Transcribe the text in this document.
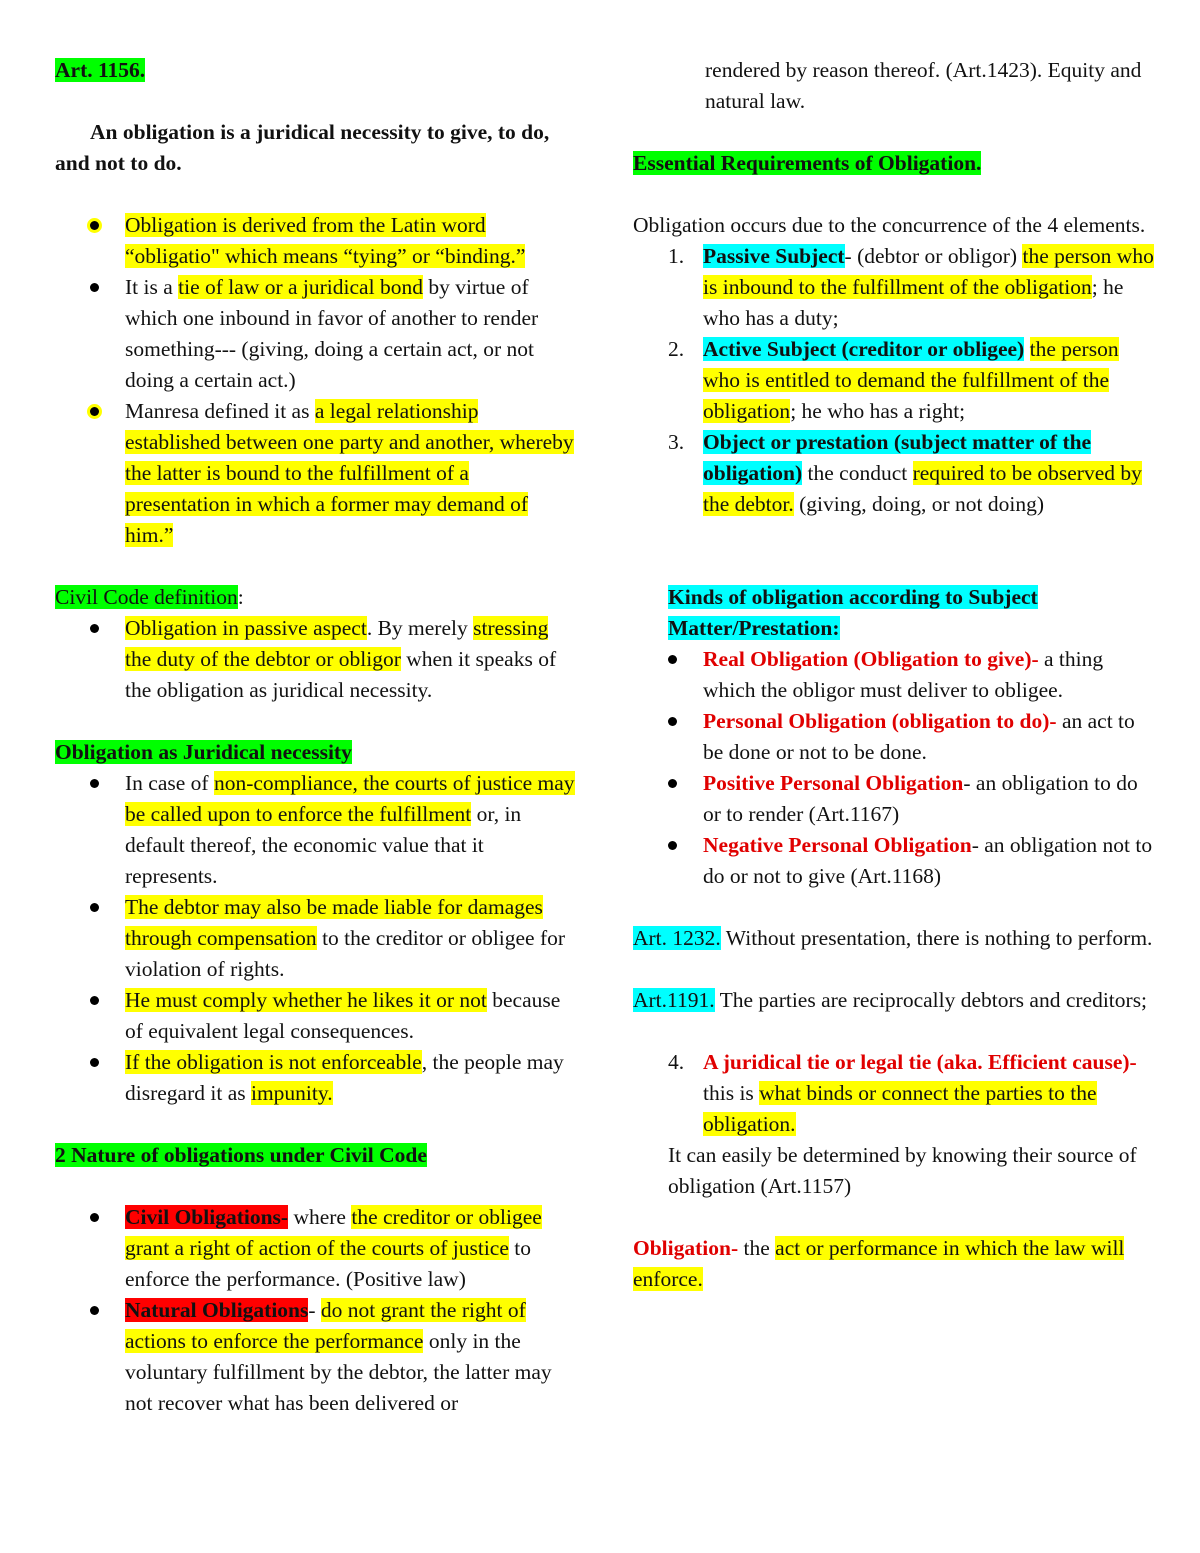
Art. 1156.

An obligation is a juridical necessity to give, to do, and not to do.

Obligation is derived from the Latin word “obligatio" which means “tying” or “binding.”
It is a tie of law or a juridical bond by virtue of which one inbound in favor of another to render something--- (giving, doing a certain act, or not doing a certain act.)
Manresa defined it as a legal relationship established between one party and another, whereby the latter is bound to the fulfillment of a presentation in which a former may demand of him.”

Civil Code definition:

Obligation in passive aspect. By merely stressing the duty of the debtor or obligor when it speaks of the obligation as juridical necessity.

Obligation as Juridical necessity

In case of non-compliance, the courts of justice may be called upon to enforce the fulfillment or, in default thereof, the economic value that it represents.
The debtor may also be made liable for damages through compensation to the creditor or obligee for violation of rights.
He must comply whether he likes it or not because of equivalent legal consequences.
If the obligation is not enforceable, the people may disregard it as impunity.

2 Nature of obligations under Civil Code

Civil Obligations- where the creditor or obligee grant a right of action of the courts of justice to enforce the performance. (Positive law)
Natural Obligations- do not grant the right of actions to enforce the performance only in the voluntary fulfillment by the debtor, the latter may not recover what has been delivered or

rendered by reason thereof. (Art.1423). Equity and natural law.

Essential Requirements of Obligation.

Obligation occurs due to the concurrence of the 4 elements.

1. Passive Subject- (debtor or obligor) the person who is inbound to the fulfillment of the obligation; he who has a duty;
2. Active Subject (creditor or obligee) the person who is entitled to demand the fulfillment of the obligation; he who has a right;
3. Object or prestation (subject matter of the obligation) the conduct required to be observed by the debtor. (giving, doing, or not doing)

Kinds of obligation according to Subject Matter/Prestation:

Real Obligation (Obligation to give)- a thing which the obligor must deliver to obligee.
Personal Obligation (obligation to do)- an act to be done or not to be done.
Positive Personal Obligation- an obligation to do or to render (Art.1167)
Negative Personal Obligation- an obligation not to do or not to give (Art.1168)

Art. 1232. Without presentation, there is nothing to perform.

Art.1191. The parties are reciprocally debtors and creditors;

4. A juridical tie or legal tie (aka. Efficient cause)- this is what binds or connect the parties to the obligation.

It can easily be determined by knowing their source of obligation (Art.1157)

Obligation- the act or performance in which the law will enforce.
